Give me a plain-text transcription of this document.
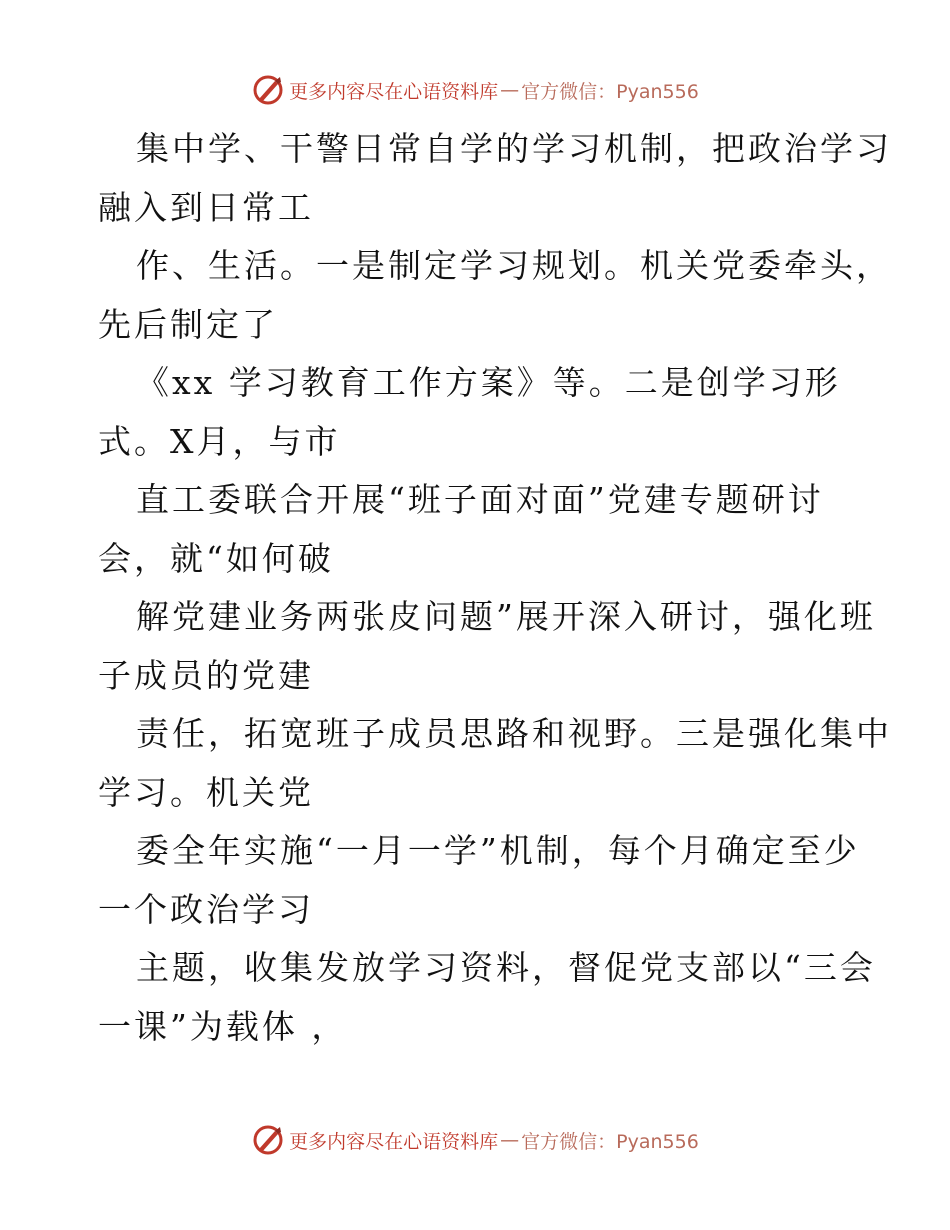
更多内容尽在心语资料库 — 官方微信：Pyan556
集中学、干警日常自学的学习机制，把政治学习
融入到日常工
作、生活。一是制定学习规划。机关党委牵头，
先后制定了
《xx 学习教育工作方案》等。二是创学习形
式。X月，与市
直工委联合开展“班子面对面”党建专题研讨
会，就“如何破
解党建业务两张皮问题”展开深入研讨，强化班
子成员的党建
责任，拓宽班子成员思路和视野。三是强化集中
学习。机关党
委全年实施“一月一学”机制，每个月确定至少
一个政治学习
主题，收集发放学习资料，督促党支部以“三会
一课”为载体 ，
更多内容尽在心语资料库 — 官方微信：Pyan556
